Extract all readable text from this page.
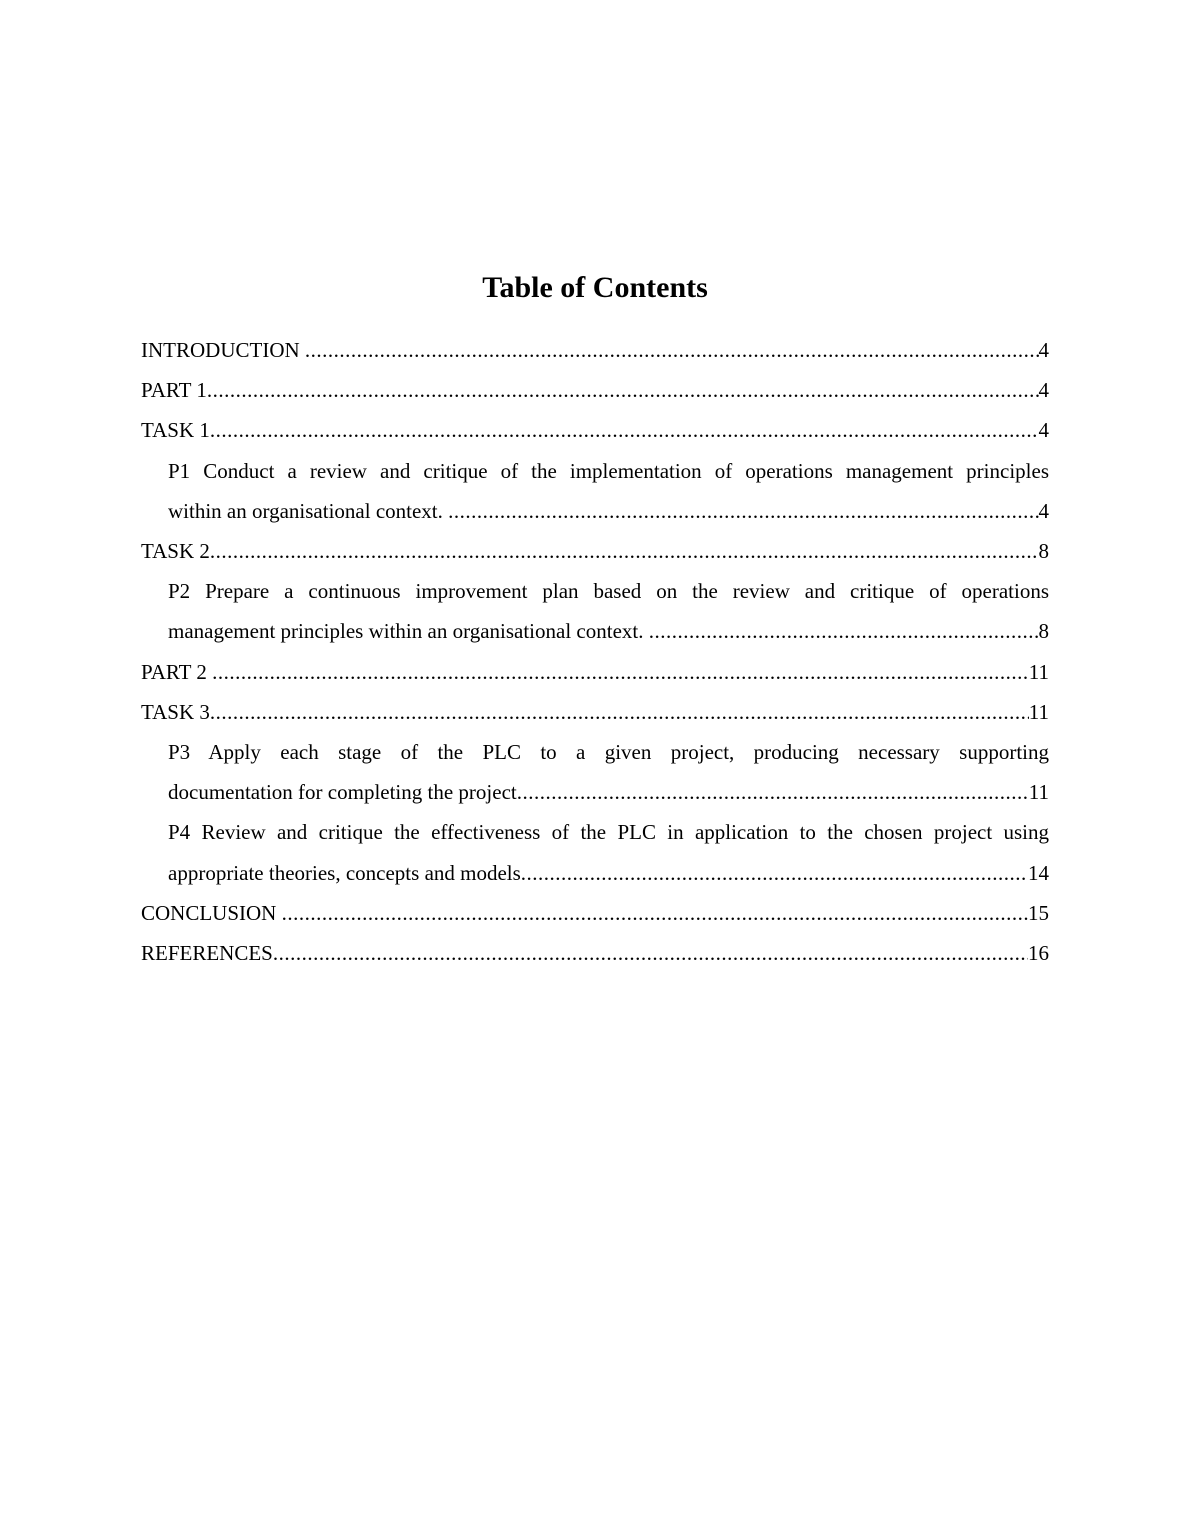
Table of Contents
INTRODUCTION .....	4
PART 1 .....	4
TASK 1 .....	4
P1 Conduct a review and critique of the implementation of operations management principles
within an organisational context. .....	4
TASK 2 .....	8
P2 Prepare a continuous improvement plan based on the review and critique of operations
management principles within an organisational context. .....	8
PART 2 .....	11
TASK 3 .....	11
P3 Apply each stage of the PLC to a given project, producing necessary supporting
documentation for completing the project .....	11
P4 Review and critique the effectiveness of the PLC in application to the chosen project using
appropriate theories, concepts and models .....	14
CONCLUSION .....	15
REFERENCES .....	16
